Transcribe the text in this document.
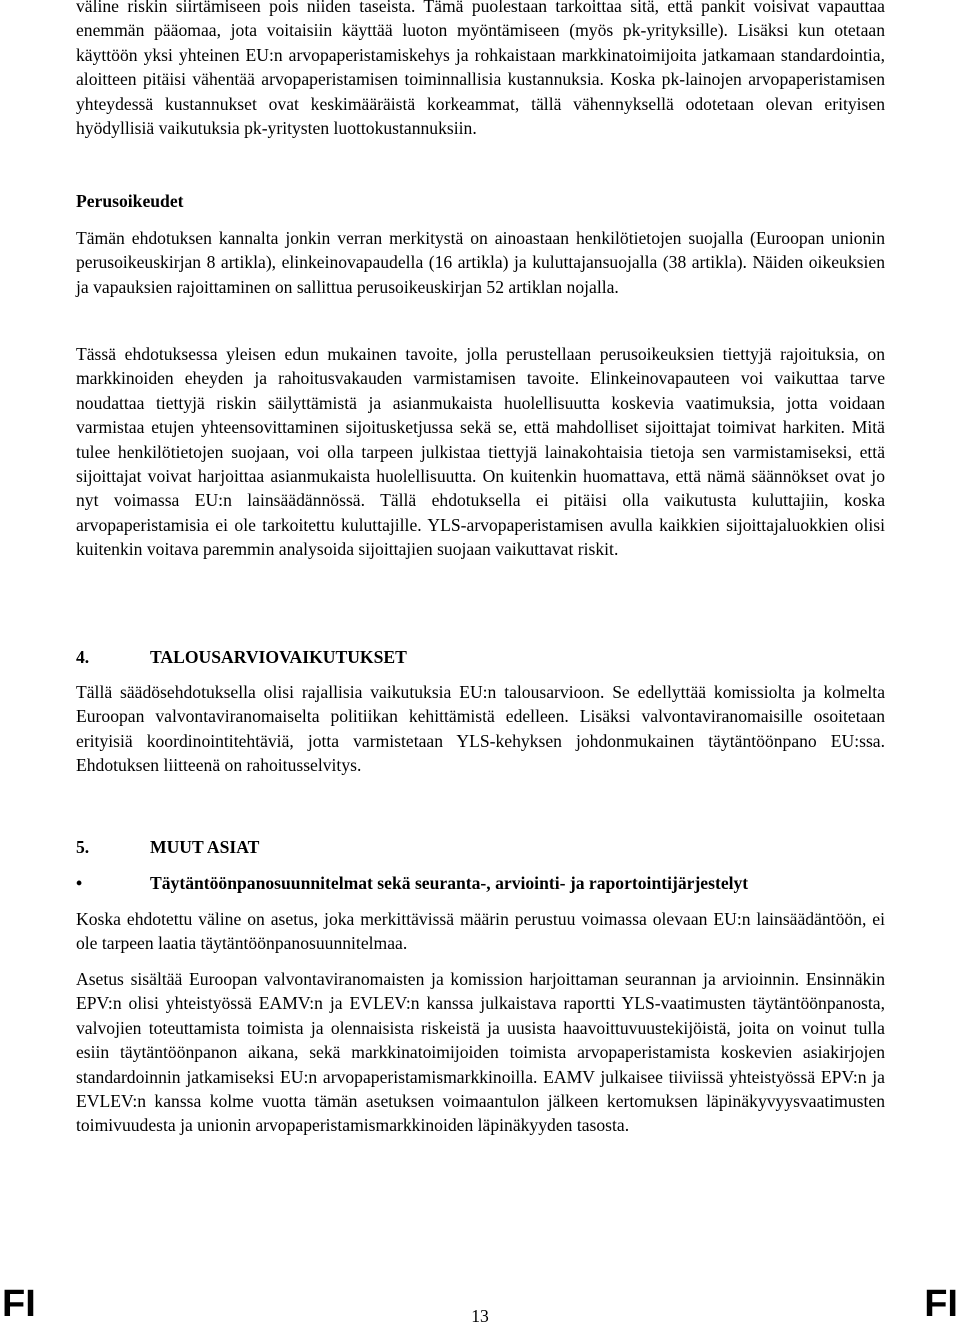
väline riskin siirtämiseen pois niiden taseista. Tämä puolestaan tarkoittaa sitä, että pankit voisivat vapauttaa enemmän pääomaa, jota voitaisiin käyttää luoton myöntämiseen (myös pk-yrityksille). Lisäksi kun otetaan käyttöön yksi yhteinen EU:n arvopaperistamiskehys ja rohkaistaan markkinatoimijoita jatkamaan standardointia, aloitteen pitäisi vähentää arvopaperistamisen toiminnallisia kustannuksia. Koska pk-lainojen arvopaperistamisen yhteydessä kustannukset ovat keskimääräistä korkeammat, tällä vähennyksellä odotetaan olevan erityisen hyödyllisiä vaikutuksia pk-yritysten luottokustannuksiin.

Perusoikeudet

Tämän ehdotuksen kannalta jonkin verran merkitystä on ainoastaan henkilötietojen suojalla (Euroopan unionin perusoikeuskirjan 8 artikla), elinkeinovapaudella (16 artikla) ja kuluttajansuojalla (38 artikla). Näiden oikeuksien ja vapauksien rajoittaminen on sallittua perusoikeuskirjan 52 artiklan nojalla.

Tässä ehdotuksessa yleisen edun mukainen tavoite, jolla perustellaan perusoikeuksien tiettyjä rajoituksia, on markkinoiden eheyden ja rahoitusvakauden varmistamisen tavoite. Elinkeinovapauteen voi vaikuttaa tarve noudattaa tiettyjä riskin säilyttämistä ja asianmukaista huolellisuutta koskevia vaatimuksia, jotta voidaan varmistaa etujen yhteensovittaminen sijoitusketjussa sekä se, että mahdolliset sijoittajat toimivat harkiten. Mitä tulee henkilötietojen suojaan, voi olla tarpeen julkistaa tiettyjä lainakohtaisia tietoja sen varmistamiseksi, että sijoittajat voivat harjoittaa asianmukaista huolellisuutta. On kuitenkin huomattava, että nämä säännökset ovat jo nyt voimassa EU:n lainsäädännössä. Tällä ehdotuksella ei pitäisi olla vaikutusta kuluttajiin, koska arvopaperistamisia ei ole tarkoitettu kuluttajille. YLS-arvopaperistamisen avulla kaikkien sijoittajaluokkien olisi kuitenkin voitava paremmin analysoida sijoittajien suojaan vaikuttavat riskit.

4.	TALOUSARVIOVAIKUTUKSET

Tällä säädösehdotuksella olisi rajallisia vaikutuksia EU:n talousarvioon. Se edellyttää komissiolta ja kolmelta Euroopan valvontaviranomaiselta politiikan kehittämistä edelleen. Lisäksi valvontaviranomaisille osoitetaan erityisiä koordinointitehtäviä, jotta varmistetaan YLS-kehyksen johdonmukainen täytäntöönpano EU:ssa. Ehdotuksen liitteenä on rahoitusselvitys.

5.	MUUT ASIAT
•	Täytäntöönpanosuunnitelmat sekä seuranta-, arviointi- ja raportointijärjestelyt

Koska ehdotettu väline on asetus, joka merkittävissä määrin perustuu voimassa olevaan EU:n lainsäädäntöön, ei ole tarpeen laatia täytäntöönpanosuunnitelmaa.

Asetus sisältää Euroopan valvontaviranomaisten ja komission harjoittaman seurannan ja arvioinnin. Ensinnäkin EPV:n olisi yhteistyössä EAMV:n ja EVLEV:n kanssa julkaistava raportti YLS-vaatimusten täytäntöönpanosta, valvojien toteuttamista toimista ja olennaisista riskeistä ja uusista haavoittuvuustekijöistä, joita on voinut tulla esiin täytäntöönpanon aikana, sekä markkinatoimijoiden toimista arvopaperistamista koskevien asiakirjojen standardoinnin jatkamiseksi EU:n arvopaperistamismarkkinoilla. EAMV julkaisee tiiviissä yhteistyössä EPV:n ja EVLEV:n kanssa kolme vuotta tämän asetuksen voimaantulon jälkeen kertomuksen läpinäkyvyysvaatimusten toimivuudesta ja unionin arvopaperistamismarkkinoiden läpinäkyyden tasosta.

FI	13	FI
